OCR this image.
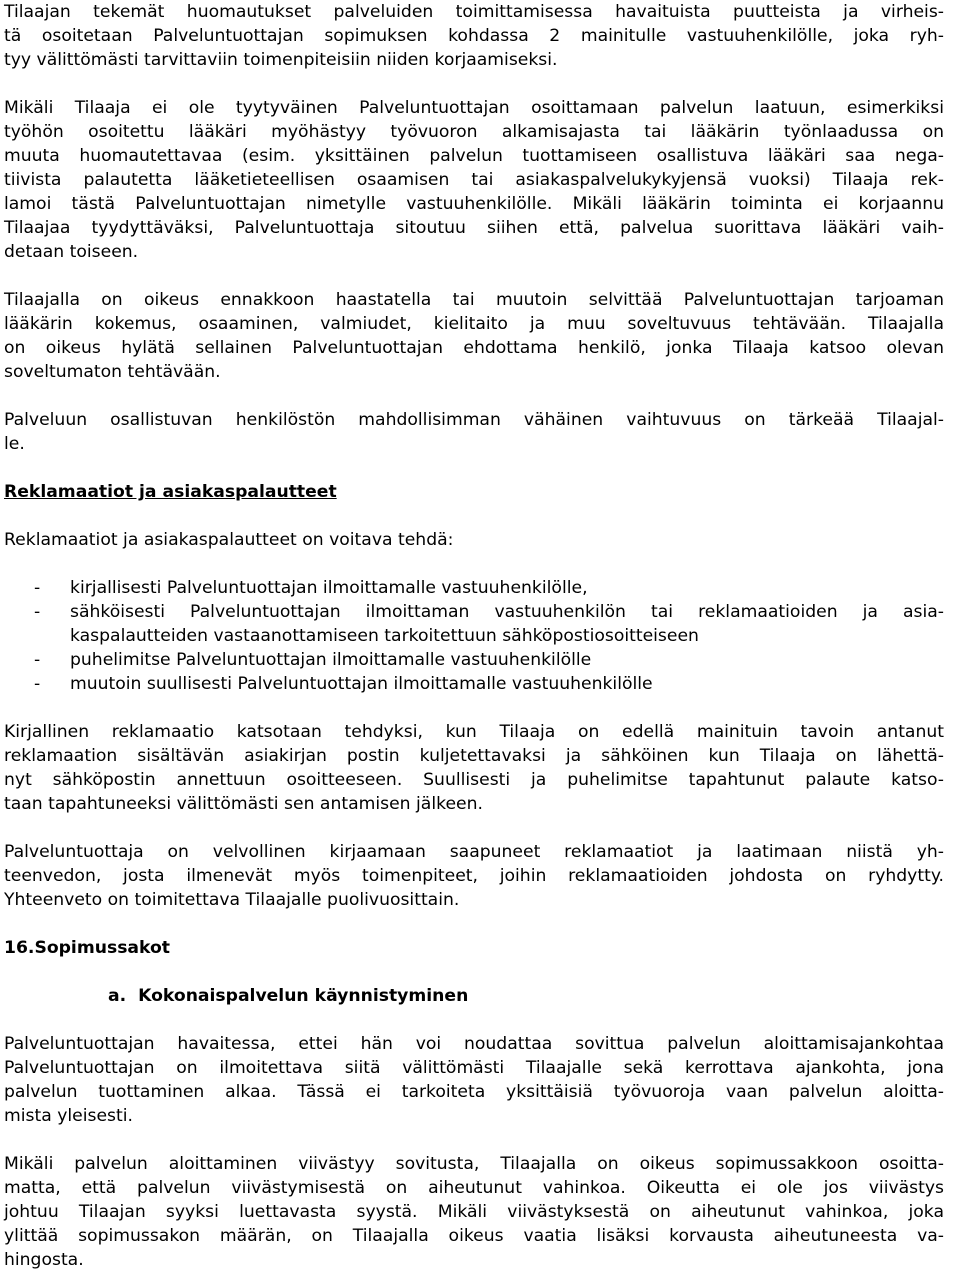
Tilaajan tekemät huomautukset palveluiden toimittamisessa havaituista puutteista ja virheis-
tä osoitetaan Palveluntuottajan sopimuksen kohdassa 2 mainitulle vastuuhenkilölle, joka ryh-
tyy välittömästi tarvittaviin toimenpiteisiin niiden korjaamiseksi.
Mikäli Tilaaja ei ole tyytyväinen Palveluntuottajan osoittamaan palvelun laatuun, esimerkiksi
työhön osoitettu lääkäri myöhästyy työvuoron alkamisajasta tai lääkärin työnlaadussa on
muuta huomautettavaa (esim. yksittäinen palvelun tuottamiseen osallistuva lääkäri saa nega-
tiivista palautetta lääketieteellisen osaamisen tai asiakaspalvelukykyjensä vuoksi) Tilaaja rek-
lamoi tästä Palveluntuottajan nimetylle vastuuhenkilölle. Mikäli lääkärin toiminta ei korjaannu
Tilaajaa tyydyttäväksi, Palveluntuottaja sitoutuu siihen että, palvelua suorittava lääkäri vaih-
detaan toiseen.
Tilaajalla on oikeus ennakkoon haastatella tai muutoin selvittää Palveluntuottajan tarjoaman
lääkärin kokemus, osaaminen, valmiudet, kielitaito ja muu soveltuvuus tehtävään. Tilaajalla
on oikeus hylätä sellainen Palveluntuottajan ehdottama henkilö, jonka Tilaaja katsoo olevan
soveltumaton tehtävään.
Palveluun osallistuvan henkilöstön mahdollisimman vähäinen vaihtuvuus on tärkeää Tilaajal-
le.
Reklamaatiot ja asiakaspalautteet
Reklamaatiot ja asiakaspalautteet on voitava tehdä:
- kirjallisesti Palveluntuottajan ilmoittamalle vastuuhenkilölle,
- sähköisesti Palveluntuottajan ilmoittaman vastuuhenkilön tai reklamaatioiden ja asia-
kaspalautteiden vastaanottamiseen tarkoitettuun sähköpostiosoitteiseen
- puhelimitse Palveluntuottajan ilmoittamalle vastuuhenkilölle
- muutoin suullisesti Palveluntuottajan ilmoittamalle vastuuhenkilölle
Kirjallinen reklamaatio katsotaan tehdyksi, kun Tilaaja on edellä mainituin tavoin antanut
reklamaation sisältävän asiakirjan postin kuljetettavaksi ja sähköinen kun Tilaaja on lähettä-
nyt sähköpostin annettuun osoitteeseen. Suullisesti ja puhelimitse tapahtunut palaute katso-
taan tapahtuneeksi välittömästi sen antamisen jälkeen.
Palveluntuottaja on velvollinen kirjaamaan saapuneet reklamaatiot ja laatimaan niistä yh-
teenvedon, josta ilmenevät myös toimenpiteet, joihin reklamaatioiden johdosta on ryhdytty.
Yhteenveto on toimitettava Tilaajalle puolivuosittain.
16.Sopimussakot
a.  Kokonaispalvelun käynnistyminen
Palveluntuottajan havaitessa, ettei hän voi noudattaa sovittua palvelun aloittamisajankohtaa
Palveluntuottajan on ilmoitettava siitä välittömästi Tilaajalle sekä kerrottava ajankohta, jona
palvelun tuottaminen alkaa. Tässä ei tarkoiteta yksittäisiä työvuoroja vaan palvelun aloitta-
mista yleisesti.
Mikäli palvelun aloittaminen viivästyy sovitusta, Tilaajalla on oikeus sopimussakkoon osoitta-
matta, että palvelun viivästymisestä on aiheutunut vahinkoa. Oikeutta ei ole jos viivästys
johtuu Tilaajan syyksi luettavasta syystä. Mikäli viivästyksestä on aiheutunut vahinkoa, joka
ylittää sopimussakon määrän, on Tilaajalla oikeus vaatia lisäksi korvausta aiheutuneesta va-
hingosta.
